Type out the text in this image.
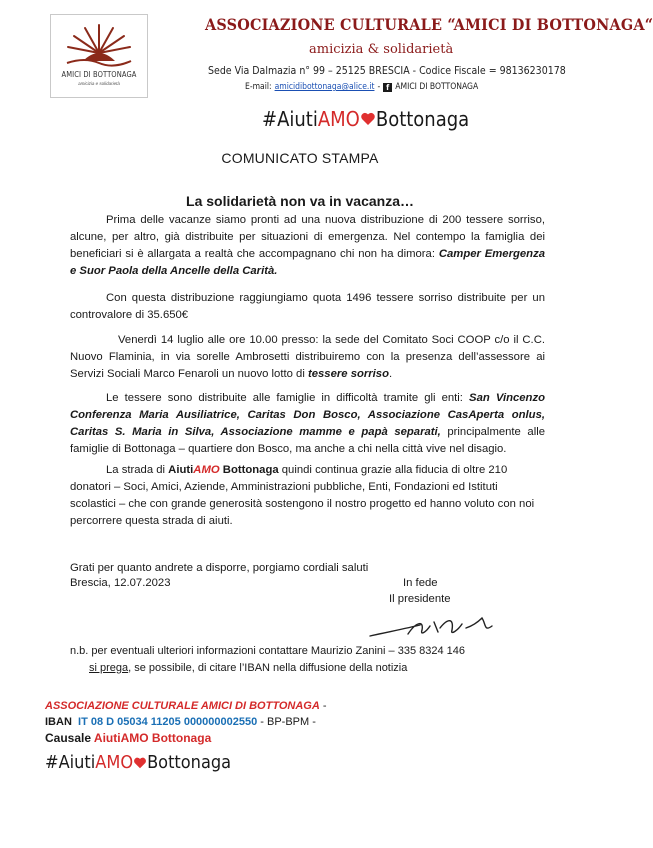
AMICI DI BOTTONAGA
amicizia e solidarietà
ASSOCIAZIONE CULTURALE “AMICI DI BOTTONAGA“
amicizia & solidarietà
Sede Via Dalmazia n° 99 – 25125 BRESCIA - Codice Fiscale = 98136230178
E-mail: amicidibottonaga@alice.it - f AMICI DI BOTTONAGA
#Aiuti AMO Bottonaga
COMUNICATO STAMPA
La solidarietà non va in vacanza…
Prima delle vacanze siamo pronti ad una nuova distribuzione di 200 tessere sorriso, alcune, per altro, già distribuite per situazioni di emergenza. Nel contempo la famiglia dei beneficiari si è allargata a realtà che accompagnano chi non ha dimora: Camper Emergenza e Suor Paola della Ancelle della Carità.
Con questa distribuzione raggiungiamo quota 1496 tessere sorriso distribuite per un controvalore di 35.650€
Venerdì 14 luglio alle ore 10.00 presso: la sede del Comitato Soci COOP c/o il C.C. Nuovo Flaminia, in via sorelle Ambrosetti distribuiremo con la presenza dell’assessore ai Servizi Sociali Marco Fenaroli un nuovo lotto di tessere sorriso.
Le tessere sono distribuite alle famiglie in difficoltà tramite gli enti: San Vincenzo Conferenza Maria Ausiliatrice, Caritas Don Bosco, Associazione CasAperta onlus, Caritas S. Maria in Silva, Associazione mamme e papà separati, principalmente alle famiglie di Bottonaga – quartiere don Bosco, ma anche a chi nella città vive nel disagio.
La strada di AiutiAMO Bottonaga quindi continua grazie alla fiducia di oltre 210 donatori – Soci, Amici, Aziende, Amministrazioni pubbliche, Enti, Fondazioni ed Istituti scolastici – che con grande generosità sostengono il nostro progetto ed hanno voluto con noi percorrere questa strada di aiuti.
Grati per quanto andrete a disporre, porgiamo cordiali saluti
Brescia, 12.07.2023	In fede
Il presidente
n.b. per eventuali ulteriori informazioni contattare Maurizio Zanini – 335 8324 146
si prega, se possibile, di citare l’IBAN nella diffusione della notizia
ASSOCIAZIONE CULTURALE AMICI DI BOTTONAGA -
IBAN IT 08 D 05034 11205 000000002550 - BP-BPM -
Causale AiutiAMO Bottonaga
#Aiuti AMO Bottonaga
